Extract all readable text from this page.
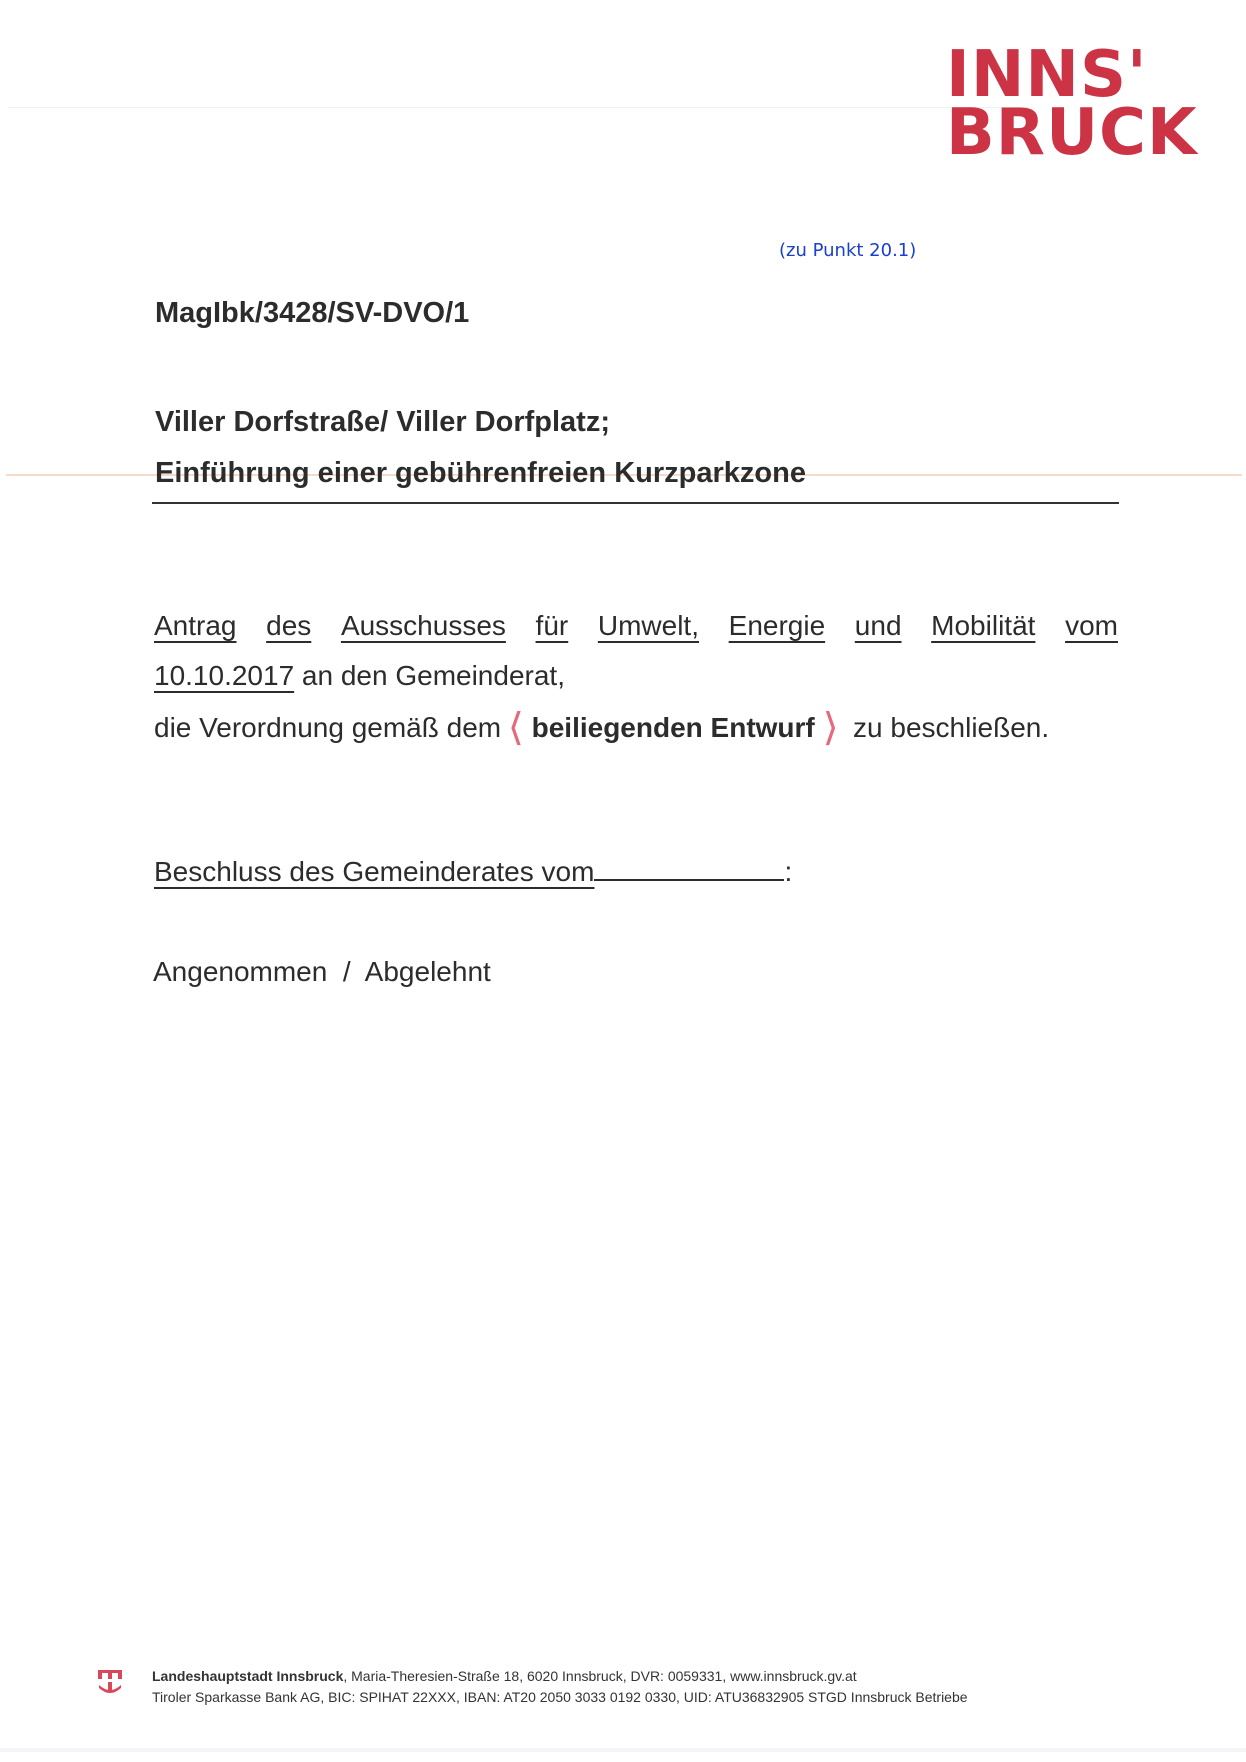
INNS'
BRUCK
(zu Punkt 20.1)
MagIbk/3428/SV-DVO/1
Viller Dorfstraße/ Viller Dorfplatz;
Einführung einer gebührenfreien Kurzparkzone
Antrag des Ausschusses für Umwelt, Energie und Mobilität vom
10.10.2017 an den Gemeinderat,
die Verordnung gemäß dem ❬ beiliegenden Entwurf ❭ zu beschließen.
Beschluss des Gemeinderates vom	:
Angenommen  /  Abgelehnt
Landeshauptstadt Innsbruck, Maria-Theresien-Straße 18, 6020 Innsbruck, DVR: 0059331, www.innsbruck.gv.at
Tiroler Sparkasse Bank AG, BIC: SPIHAT 22XXX, IBAN: AT20 2050 3033 0192 0330, UID: ATU36832905 STGD Innsbruck Betriebe
